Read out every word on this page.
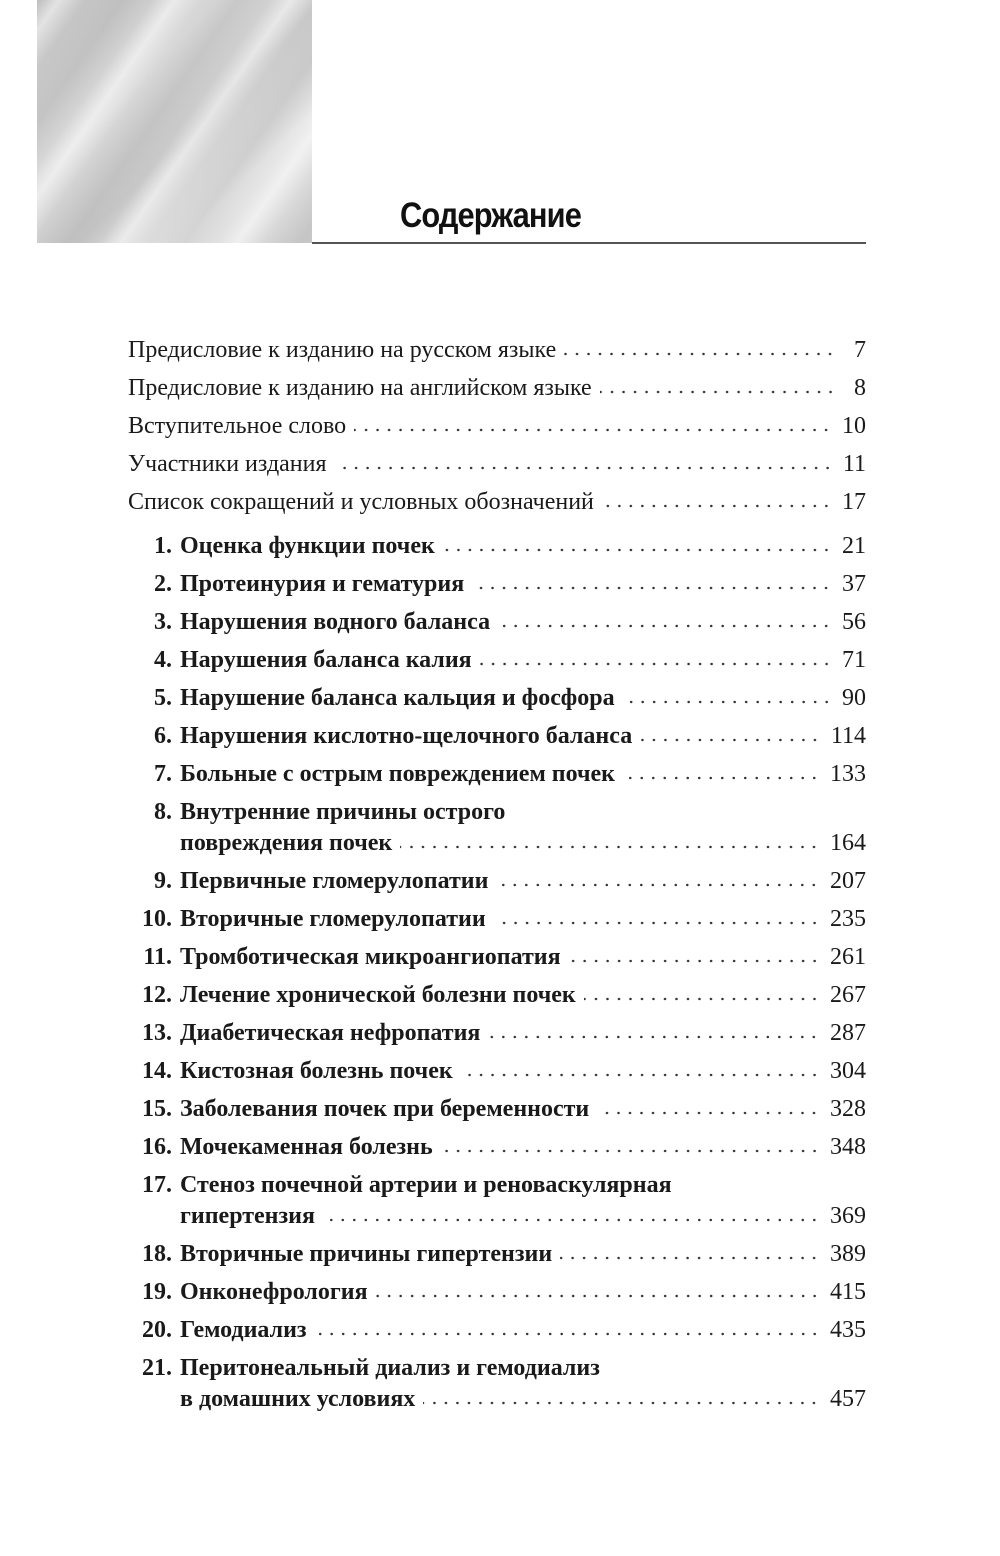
Содержание
Предисловие к изданию на русском языке	7
Предисловие к изданию на английском языке	8
Вступительное слово	10
Участники издания	11
Список сокращений и условных обозначений	17
1. Оценка функции почек	21
2. Протеинурия и гематурия	37
3. Нарушения водного баланса	56
4. Нарушения баланса калия	71
5. Нарушение баланса кальция и фосфора	90
6. Нарушения кислотно-щелочного баланса	114
7. Больные с острым повреждением почек	133
8. Внутренние причины острого
повреждения почек	164
9. Первичные гломерулопатии	207
10. Вторичные гломерулопатии	235
11. Тромботическая микроангиопатия	261
12. Лечение хронической болезни почек	267
13. Диабетическая нефропатия	287
14. Кистозная болезнь почек	304
15. Заболевания почек при беременности	328
16. Мочекаменная болезнь	348
17. Стеноз почечной артерии и реноваскулярная
гипертензия	369
18. Вторичные причины гипертензии	389
19. Онконефрология	415
20. Гемодиализ	435
21. Перитонеальный диализ и гемодиализ
в домашних условиях	457
